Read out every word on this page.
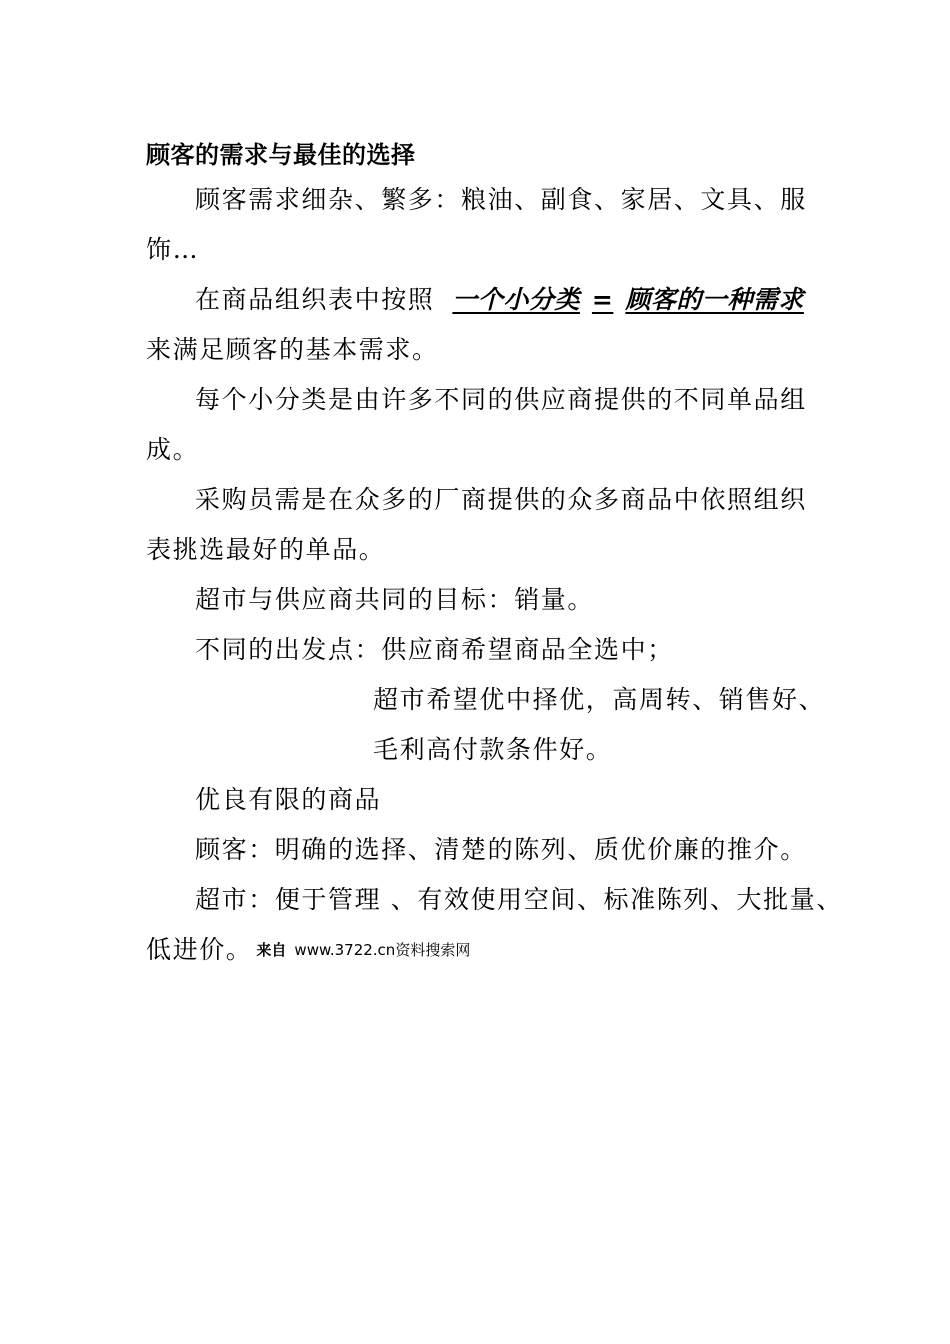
顾客的需求与最佳的选择
顾客需求细杂、繁多：粮油、副食、家居、文具、服
饰…
在商品组织表中按照 一个小分类 = 顾客的一种需求
来满足顾客的基本需求。
每个小分类是由许多不同的供应商提供的不同单品组
成。
采购员需是在众多的厂商提供的众多商品中依照组织
表挑选最好的单品。
超市与供应商共同的目标：销量。
不同的出发点：供应商希望商品全选中；
超市希望优中择优，高周转、销售好、
毛利高付款条件好。
优良有限的商品
顾客：明确的选择、清楚的陈列、质优价廉的推介。
超市：便于管理 、有效使用空间、标准陈列、大批量、
低进价。 来自 www.3722.cn资料搜索网
